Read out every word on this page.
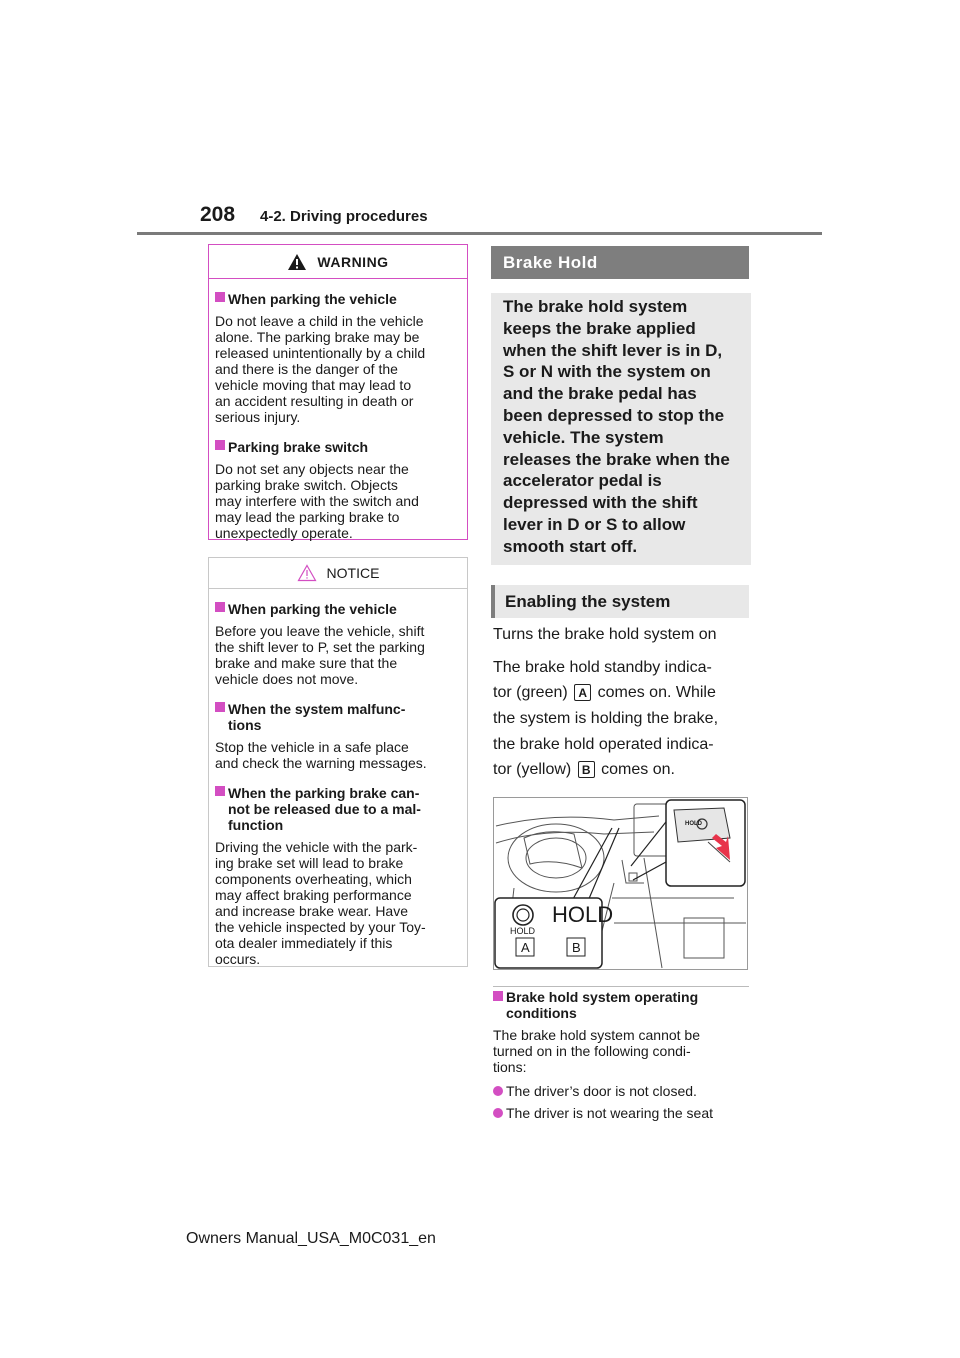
208 4-2. Driving procedures
WARNING
When parking the vehicle
Do not leave a child in the vehicle
alone. The parking brake may be
released unintentionally by a child
and there is the danger of the
vehicle moving that may lead to
an accident resulting in death or
serious injury.
Parking brake switch
Do not set any objects near the
parking brake switch. Objects
may interfere with the switch and
may lead the parking brake to
unexpectedly operate.
NOTICE
When parking the vehicle
Before you leave the vehicle, shift
the shift lever to P, set the parking
brake and make sure that the
vehicle does not move.
When the system malfunc-
tions
Stop the vehicle in a safe place
and check the warning messages.
When the parking brake can-
not be released due to a mal-
function
Driving the vehicle with the park-
ing brake set will lead to brake
components overheating, which
may affect braking performance
and increase brake wear. Have
the vehicle inspected by your Toy-
ota dealer immediately if this
occurs.
Brake Hold
The brake hold system
keeps the brake applied
when the shift lever is in D,
S or N with the system on
and the brake pedal has
been depressed to stop the
vehicle. The system
releases the brake when the
accelerator pedal is
depressed with the shift
lever in D or S to allow
smooth start off.
Enabling the system
Turns the brake hold system on
The brake hold standby indica-
tor (green) A comes on. While
the system is holding the brake,
the brake hold operated indica-
tor (yellow) B comes on.
HOLD
HOLD
HOLD
A	B
Brake hold system operating
conditions
The brake hold system cannot be
turned on in the following condi-
tions:
The driver’s door is not closed.
The driver is not wearing the seat
Owners Manual_USA_M0C031_en
